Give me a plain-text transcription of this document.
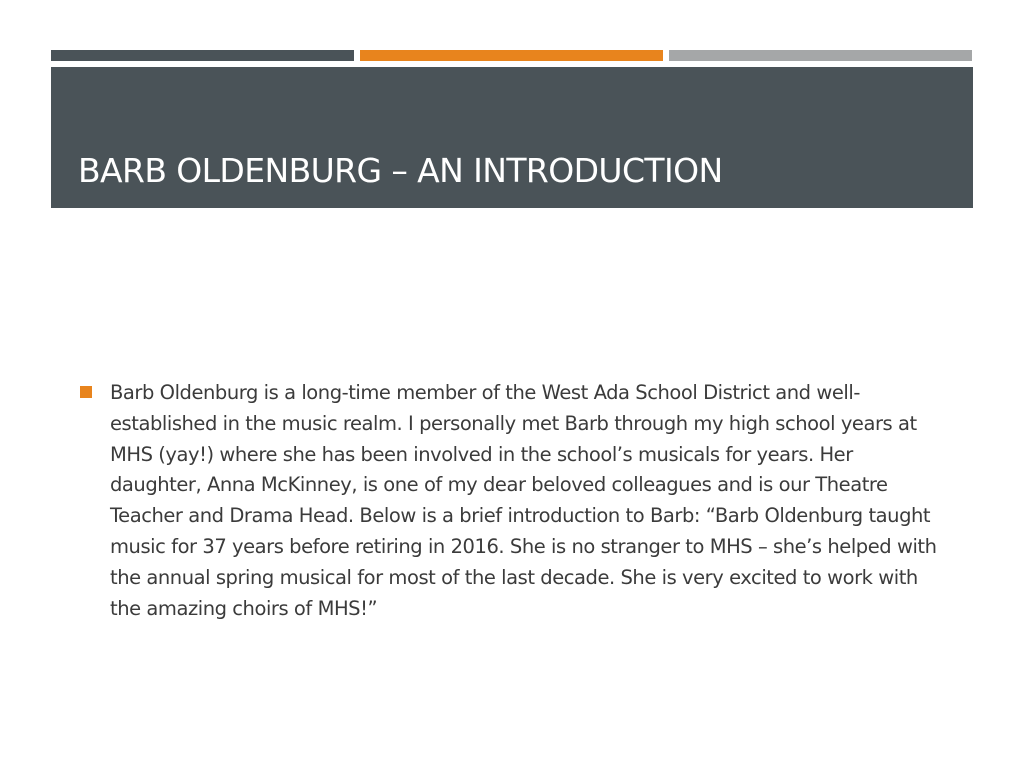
BARB OLDENBURG – AN INTRODUCTION

Barb Oldenburg is a long-time member of the West Ada School District and well-established in the music realm. I personally met Barb through my high school years at MHS (yay!) where she has been involved in the school’s musicals for years. Her daughter, Anna McKinney, is one of my dear beloved colleagues and is our Theatre Teacher and Drama Head. Below is a brief introduction to Barb: “Barb Oldenburg taught music for 37 years before retiring in 2016. She is no stranger to MHS – she’s helped with the annual spring musical for most of the last decade. She is very excited to work with the amazing choirs of MHS!”
